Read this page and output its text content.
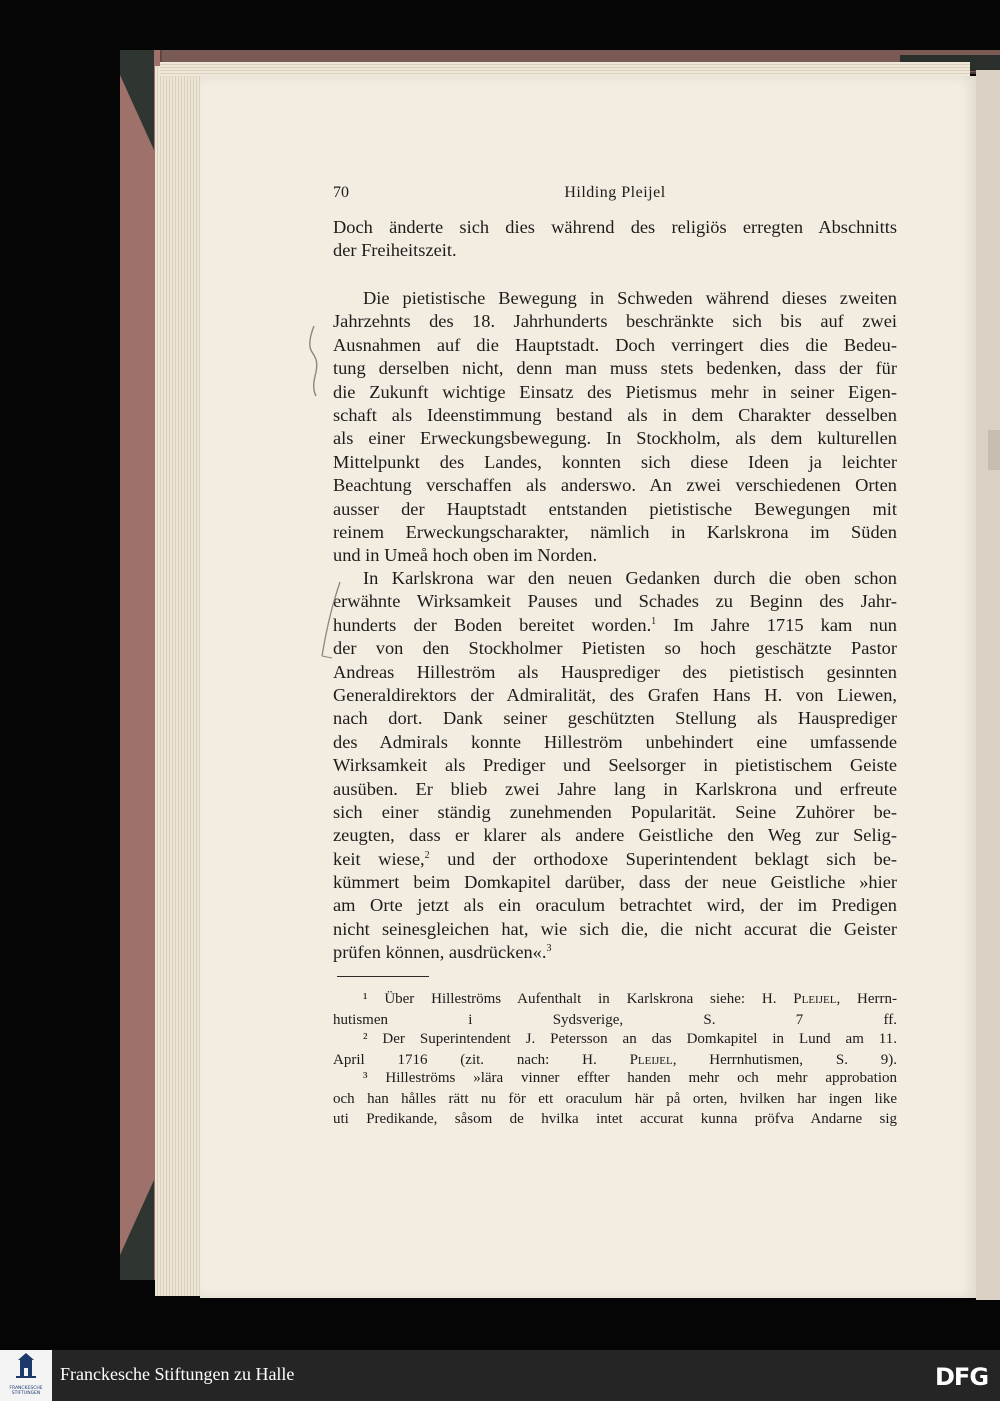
70	Hilding Pleijel
Doch änderte sich dies während des religiös erregten Abschnitts
der Freiheitszeit.
Die pietistische Bewegung in Schweden während dieses zweiten
Jahrzehnts des 18. Jahrhunderts beschränkte sich bis auf zwei
Ausnahmen auf die Hauptstadt. Doch verringert dies die Bedeu-
tung derselben nicht, denn man muss stets bedenken, dass der für
die Zukunft wichtige Einsatz des Pietismus mehr in seiner Eigen-
schaft als Ideenstimmung bestand als in dem Charakter desselben
als einer Erweckungsbewegung. In Stockholm, als dem kulturellen
Mittelpunkt des Landes, konnten sich diese Ideen ja leichter
Beachtung verschaffen als anderswo. An zwei verschiedenen Orten
ausser der Hauptstadt entstanden pietistische Bewegungen mit
reinem Erweckungscharakter, nämlich in Karlskrona im Süden
und in Umeå hoch oben im Norden.
In Karlskrona war den neuen Gedanken durch die oben schon
erwähnte Wirksamkeit Pauses und Schades zu Beginn des Jahr-
hunderts der Boden bereitet worden.$^1$ Im Jahre 1715 kam nun
der von den Stockholmer Pietisten so hoch geschätzte Pastor
Andreas Hilleström als Hausprediger des pietistisch gesinnten
Generaldirektors der Admiralität, des Grafen Hans H. von Liewen,
nach dort. Dank seiner geschützten Stellung als Hausprediger
des Admirals konnte Hilleström unbehindert eine umfassende
Wirksamkeit als Prediger und Seelsorger in pietistischem Geiste
ausüben. Er blieb zwei Jahre lang in Karlskrona und erfreute
sich einer ständig zunehmenden Popularität. Seine Zuhörer be-
zeugten, dass er klarer als andere Geistliche den Weg zur Selig-
keit wiese,$^2$ und der orthodoxe Superintendent beklagt sich be-
kümmert beim Domkapitel darüber, dass der neue Geistliche »hier
am Orte jetzt als ein oraculum betrachtet wird, der im Predigen
nicht seinesgleichen hat, wie sich die, die nicht accurat die Geister
prüfen können, ausdrücken«.$^3$
¹ Über Hilleströms Aufenthalt in Karlskrona siehe: H. Pleijel, Herrn-
hutismen i Sydsverige, S. 7 ff.
² Der Superintendent J. Petersson an das Domkapitel in Lund am 11.
April 1716 (zit. nach: H. Pleijel, Herrnhutismen, S. 9).
³ Hilleströms »lära vinner effter handen mehr och mehr approbation
och han hålles rätt nu för ett oraculum här på orten, hvilken har ingen like
uti Predikande, såsom de hvilka intet accurat kunna pröfva Andarne sig
FRANCKESCHE
STIFTUNGEN
Franckesche Stiftungen zu Halle	DFG
